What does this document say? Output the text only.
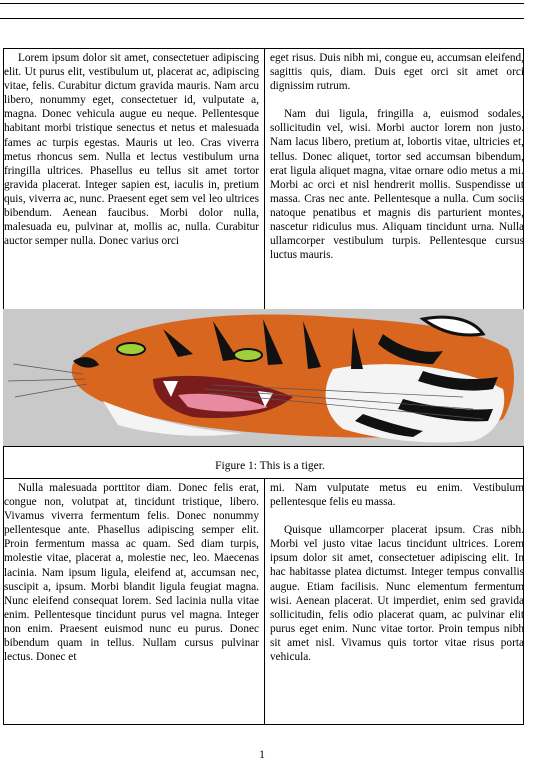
Lorem ipsum dolor sit amet, consectetuer adipiscing elit. Ut purus elit, vestibulum ut, placerat ac, adipiscing vitae, felis. Curabitur dictum gravida mauris. Nam arcu libero, nonummy eget, consectetuer id, vulputate a, magna. Donec vehicula augue eu neque. Pellentesque habitant morbi tristique senectus et netus et malesuada fames ac turpis egestas. Mauris ut leo. Cras viverra metus rhoncus sem. Nulla et lectus vestibulum urna fringilla ultrices. Phasellus eu tellus sit amet tortor gravida placerat. Integer sapien est, iaculis in, pretium quis, viverra ac, nunc. Praesent eget sem vel leo ultrices bibendum. Aenean faucibus. Morbi dolor nulla, malesuada eu, pulvinar at, mollis ac, nulla. Curabitur auctor semper nulla. Donec varius orci

eget risus. Duis nibh mi, congue eu, accumsan eleifend, sagittis quis, diam. Duis eget orci sit amet orci dignissim rutrum.

Nam dui ligula, fringilla a, euismod sodales, sollicitudin vel, wisi. Morbi auctor lorem non justo. Nam lacus libero, pretium at, lobortis vitae, ultricies et, tellus. Donec aliquet, tortor sed accumsan bibendum, erat ligula aliquet magna, vitae ornare odio metus a mi. Morbi ac orci et nisl hendrerit mollis. Suspendisse ut massa. Cras nec ante. Pellentesque a nulla. Cum sociis natoque penatibus et magnis dis parturient montes, nascetur ridiculus mus. Aliquam tincidunt urna. Nulla ullamcorper vestibulum turpis. Pellentesque cursus luctus mauris.

Figure 1: This is a tiger.

Nulla malesuada porttitor diam. Donec felis erat, congue non, volutpat at, tincidunt tristique, libero. Vivamus viverra fermentum felis. Donec nonummy pellentesque ante. Phasellus adipiscing semper elit. Proin fermentum massa ac quam. Sed diam turpis, molestie vitae, placerat a, molestie nec, leo. Maecenas lacinia. Nam ipsum ligula, eleifend at, accumsan nec, suscipit a, ipsum. Morbi blandit ligula feugiat magna. Nunc eleifend consequat lorem. Sed lacinia nulla vitae enim. Pellentesque tincidunt purus vel magna. Integer non enim. Praesent euismod nunc eu purus. Donec bibendum quam in tellus. Nullam cursus pulvinar lectus. Donec et

mi. Nam vulputate metus eu enim. Vestibulum pellentesque felis eu massa.

Quisque ullamcorper placerat ipsum. Cras nibh. Morbi vel justo vitae lacus tincidunt ultrices. Lorem ipsum dolor sit amet, consectetuer adipiscing elit. In hac habitasse platea dictumst. Integer tempus convallis augue. Etiam facilisis. Nunc elementum fermentum wisi. Aenean placerat. Ut imperdiet, enim sed gravida sollicitudin, felis odio placerat quam, ac pulvinar elit purus eget enim. Nunc vitae tortor. Proin tempus nibh sit amet nisl. Vivamus quis tortor vitae risus porta vehicula.

1
